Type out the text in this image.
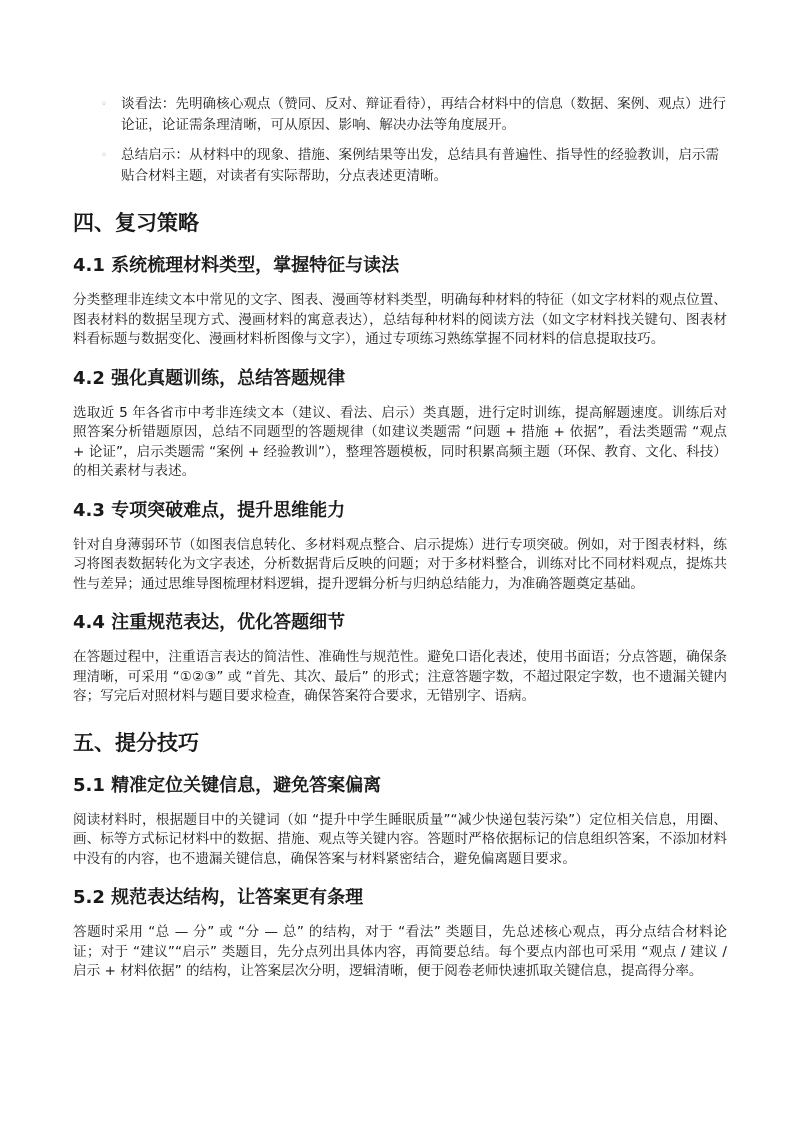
◦ 谈看法：先明确核心观点（赞同、反对、辩证看待），再结合材料中的信息（数据、案例、观点）进行论证，论证需条理清晰，可从原因、影响、解决办法等角度展开。
◦ 总结启示：从材料中的现象、措施、案例结果等出发，总结具有普遍性、指导性的经验教训，启示需贴合材料主题，对读者有实际帮助，分点表述更清晰。
四、复习策略
4.1 系统梳理材料类型，掌握特征与读法

分类整理非连续文本中常见的文字、图表、漫画等材料类型，明确每种材料的特征（如文字材料的观点位置、图表材料的数据呈现方式、漫画材料的寓意表达），总结每种材料的阅读方法（如文字材料找关键句、图表材料看标题与数据变化、漫画材料析图像与文字），通过专项练习熟练掌握不同材料的信息提取技巧。

4.2 强化真题训练，总结答题规律

选取近 5 年各省市中考非连续文本（建议、看法、启示）类真题，进行定时训练，提高解题速度。训练后对照答案分析错题原因，总结不同题型的答题规律（如建议类题需 “问题 + 措施 + 依据”，看法类题需 “观点 + 论证”，启示类题需 “案例 + 经验教训”），整理答题模板，同时积累高频主题（环保、教育、文化、科技）的相关素材与表述。

4.3 专项突破难点，提升思维能力

针对自身薄弱环节（如图表信息转化、多材料观点整合、启示提炼）进行专项突破。例如，对于图表材料，练习将图表数据转化为文字表述，分析数据背后反映的问题；对于多材料整合，训练对比不同材料观点，提炼共性与差异；通过思维导图梳理材料逻辑，提升逻辑分析与归纳总结能力，为准确答题奠定基础。

4.4 注重规范表达，优化答题细节

在答题过程中，注重语言表达的简洁性、准确性与规范性。避免口语化表述，使用书面语；分点答题，确保条理清晰，可采用 “①②③” 或 “首先、其次、最后” 的形式；注意答题字数，不超过限定字数，也不遗漏关键内容；写完后对照材料与题目要求检查，确保答案符合要求，无错别字、语病。

五、提分技巧
5.1 精准定位关键信息，避免答案偏离

阅读材料时，根据题目中的关键词（如 “提升中学生睡眠质量”“减少快递包装污染”）定位相关信息，用圈、画、标等方式标记材料中的数据、措施、观点等关键内容。答题时严格依据标记的信息组织答案，不添加材料中没有的内容，也不遗漏关键信息，确保答案与材料紧密结合，避免偏离题目要求。

5.2 规范表达结构，让答案更有条理

答题时采用 “总 — 分” 或 “分 — 总” 的结构，对于 “看法” 类题目，先总述核心观点，再分点结合材料论证；对于 “建议”“启示” 类题目，先分点列出具体内容，再简要总结。每个要点内部也可采用 “观点 / 建议 / 启示 + 材料依据” 的结构，让答案层次分明，逻辑清晰，便于阅卷老师快速抓取关键信息，提高得分率。
